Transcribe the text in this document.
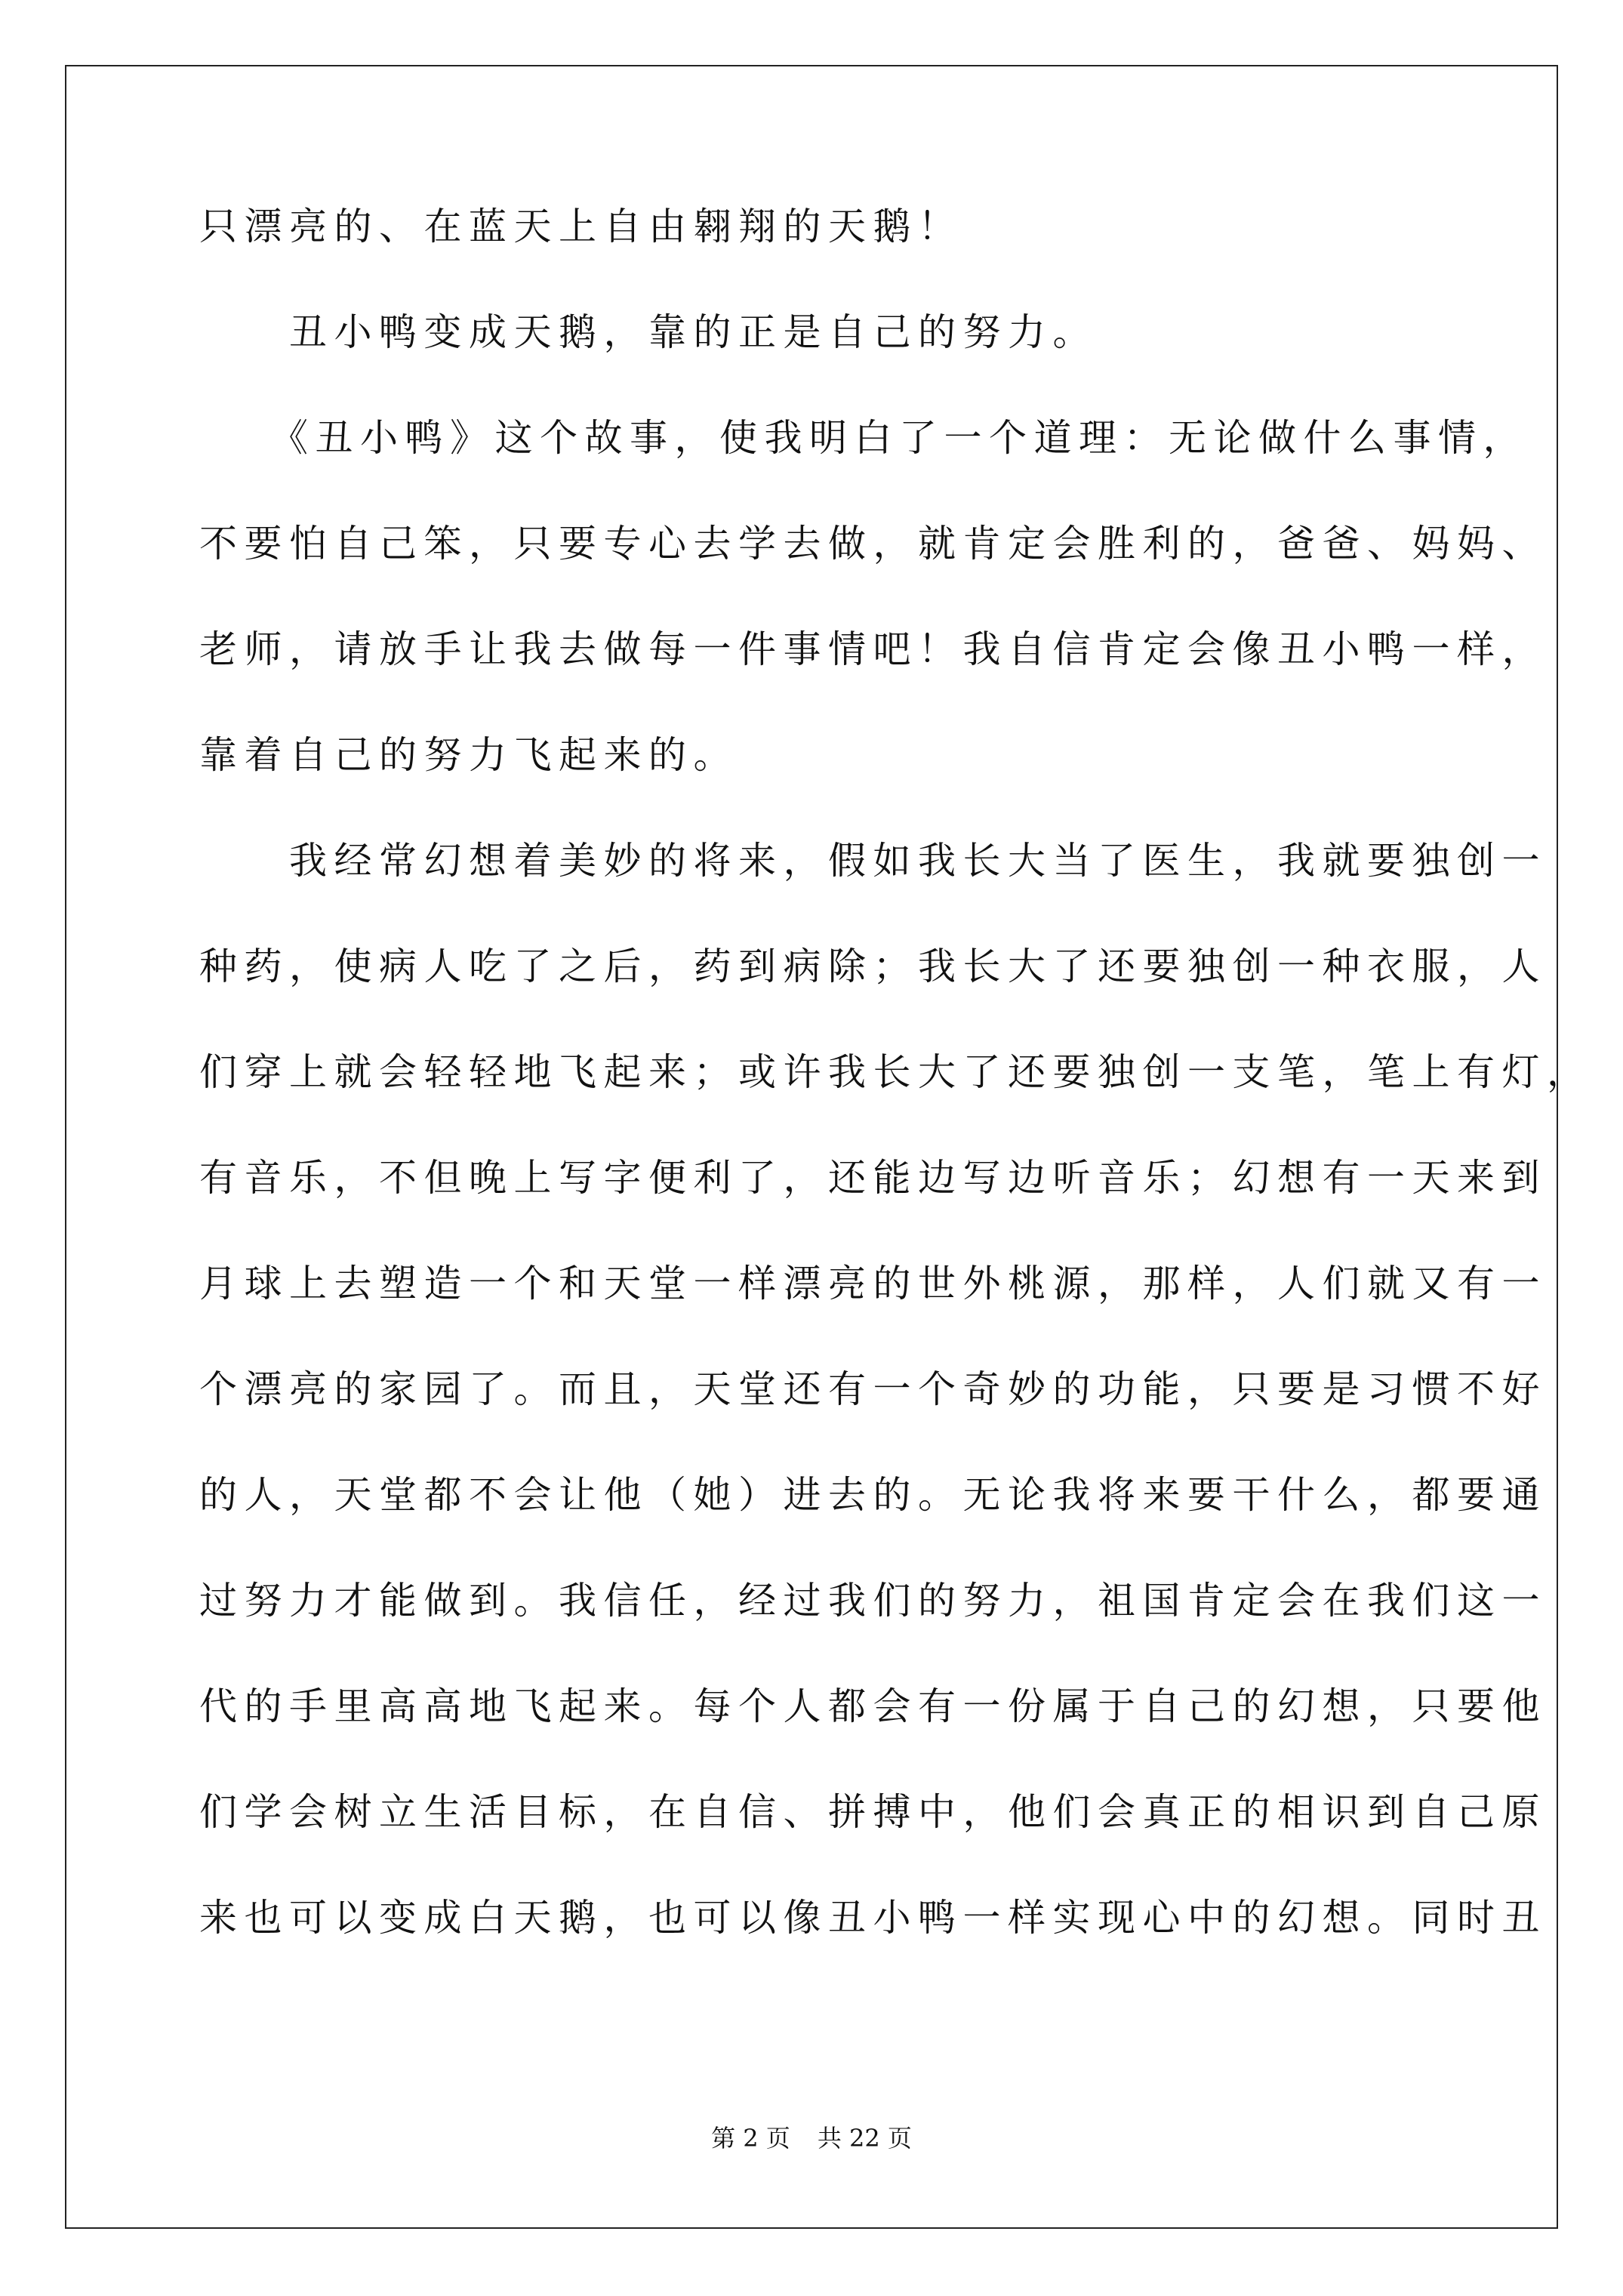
只漂亮的、在蓝天上自由翱翔的天鹅！
　　丑小鸭变成天鹅，靠的正是自己的努力。
　　《丑小鸭》这个故事，使我明白了一个道理：无论做什么事情，
不要怕自己笨，只要专心去学去做，就肯定会胜利的，爸爸、妈妈、
老师，请放手让我去做每一件事情吧！我自信肯定会像丑小鸭一样，
靠着自己的努力飞起来的。
　　我经常幻想着美妙的将来，假如我长大当了医生，我就要独创一
种药，使病人吃了之后，药到病除；我长大了还要独创一种衣服，人
们穿上就会轻轻地飞起来；或许我长大了还要独创一支笔，笔上有灯，
有音乐，不但晚上写字便利了，还能边写边听音乐；幻想有一天来到
月球上去塑造一个和天堂一样漂亮的世外桃源，那样，人们就又有一
个漂亮的家园了。而且，天堂还有一个奇妙的功能，只要是习惯不好
的人，天堂都不会让他（她）进去的。无论我将来要干什么，都要通
过努力才能做到。我信任，经过我们的努力，祖国肯定会在我们这一
代的手里高高地飞起来。每个人都会有一份属于自己的幻想，只要他
们学会树立生活目标，在自信、拼搏中，他们会真正的相识到自己原
来也可以变成白天鹅，也可以像丑小鸭一样实现心中的幻想。同时丑
第 2 页 共 22 页
